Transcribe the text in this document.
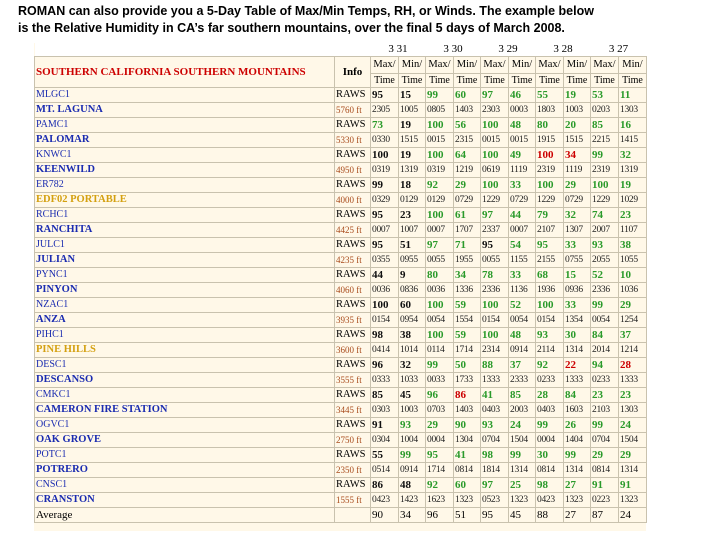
ROMAN can also provide you a 5-Day Table of Max/Min Temps, RH, or Winds. The example below
is the Relative Humidity in CA’s far southern mountains, over the final 5 days of March 2008.
		3 31		3 30		3 29		3 28		3 27	
SOUTHERN CALIFORNIA SOUTHERN MOUNTAINS	Info	Max/	Min/	Max/	Min/	Max/	Min/	Max/	Min/	Max/	Min/
		Time	Time	Time	Time	Time	Time	Time	Time	Time	Time
MLGC1	RAWS	95	15	99	60	97	46	55	19	53	11
MT. LAGUNA	5760 ft	2305	1005	0805	1403	2303	0003	1803	1003	0203	1303
PAMC1	RAWS	73	19	100	56	100	48	80	20	85	16
PALOMAR	5330 ft	0330	1515	0015	2315	0015	0015	1915	1515	2215	1415
KNWC1	RAWS	100	19	100	64	100	49	100	34	99	32
KEENWILD	4950 ft	0319	1319	0319	1219	0619	1119	2319	1119	2319	1319
ER782	RAWS	99	18	92	29	100	33	100	29	100	19
EDF02 PORTABLE	4000 ft	0329	0129	0129	0729	1229	0729	1229	0729	1229	1029
RCHC1	RAWS	95	23	100	61	97	44	79	32	74	23
RANCHITA	4425 ft	0007	1007	0007	1707	2337	0007	2107	1307	2007	1107
JULC1	RAWS	95	51	97	71	95	54	95	33	93	38
JULIAN	4235 ft	0355	0955	0055	1955	0055	1155	2155	0755	2055	1055
PYNC1	RAWS	44	9	80	34	78	33	68	15	52	10
PINYON	4060 ft	0036	0836	0036	1336	2336	1136	1936	0936	2336	1036
NZAC1	RAWS	100	60	100	59	100	52	100	33	99	29
ANZA	3935 ft	0154	0954	0054	1554	0154	0054	0154	1354	0054	1254
PIHC1	RAWS	98	38	100	59	100	48	93	30	84	37
PINE HILLS	3600 ft	0414	1014	0114	1714	2314	0914	2114	1314	2014	1214
DESC1	RAWS	96	32	99	50	88	37	92	22	94	28
DESCANSO	3555 ft	0333	1033	0033	1733	1333	2333	0233	1333	0233	1333
CMKC1	RAWS	85	45	96	86	41	85	28	84	23	23
CAMERON FIRE STATION	3445 ft	0303	1003	0703	1403	0403	2003	0403	1603	2103	1303
OGVC1	RAWS	91	93	29	90	93	24	99	26	99	24
OAK GROVE	2750 ft	0304	1004	0004	1304	0704	1504	0004	1404	0704	1504
POTC1	RAWS	55	99	95	41	98	99	30	99	29	29
POTRERO	2350 ft	0514	0914	1714	0814	1814	1314	0814	1314	0814	1314
CNSC1	RAWS	86	48	92	60	97	25	98	27	91	91
CRANSTON	1555 ft	0423	1423	1623	1323	0523	1323	0423	1323	0223	1323
Average		90	34	96	51	95	45	88	27	87	24
